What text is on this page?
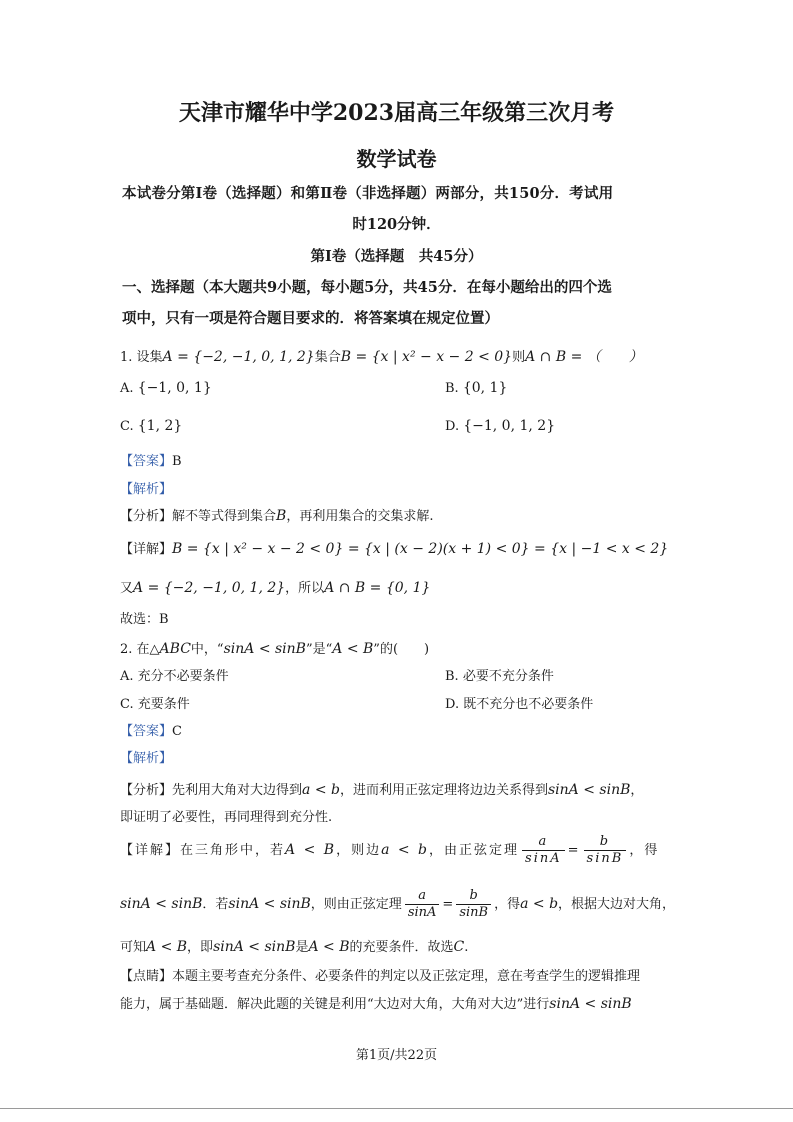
天津市耀华中学2023届高三年级第三次月考
数学试卷
本试卷分第Ⅰ卷（选择题）和第Ⅱ卷（非选择题）两部分，共150分．考试用
时120分钟．
第Ⅰ卷（选择题　共45分）
一、选择题（本大题共9小题，每小题5分，共45分．在每小题给出的四个选
项中，只有一项是符合题目要求的．将答案填在规定位置）
1. 设集A = {−2, −1, 0, 1, 2}集合B = {x | x² − x − 2 < 0}则A ∩ B = （　　）
A. {−1, 0, 1}	B. {0, 1}
C. {1, 2}	D. {−1, 0, 1, 2}
【答案】B
【解析】
【分析】解不等式得到集合B，再利用集合的交集求解.
【详解】B = {x | x² − x − 2 < 0} = {x | (x − 2)(x + 1) < 0} = {x | −1 < x < 2}
又A = {−2, −1, 0, 1, 2}，所以A ∩ B = {0, 1}
故选：B
2. 在△ABC中，“sinA < sinB”是“A < B”的(　　)
A. 充分不必要条件	B. 必要不充分条件
C. 充要条件	D. 既不充分也不必要条件
【答案】C
【解析】
【分析】先利用大角对大边得到a < b，进而利用正弦定理将边边关系得到sinA < sinB，
即证明了必要性，再同理得到充分性.
【详解】在三角形中，若A < B，则边a < b，由正弦定理 $\frac{a}{\sin A} = \frac{b}{\sin B}$ ，得
sinA < sinB．若sinA < sinB，则由正弦定理 $\frac{a}{\sin A} = \frac{b}{\sin B}$ ，得a < b，根据大边对大角，
可知A < B，即sinA < sinB是A < B的充要条件．故选C.
【点睛】本题主要考查充分条件、必要条件的判定以及正弦定理，意在考查学生的逻辑推理
能力，属于基础题．解决此题的关键是利用“大边对大角，大角对大边”进行sinA < sinB
第1页/共22页
